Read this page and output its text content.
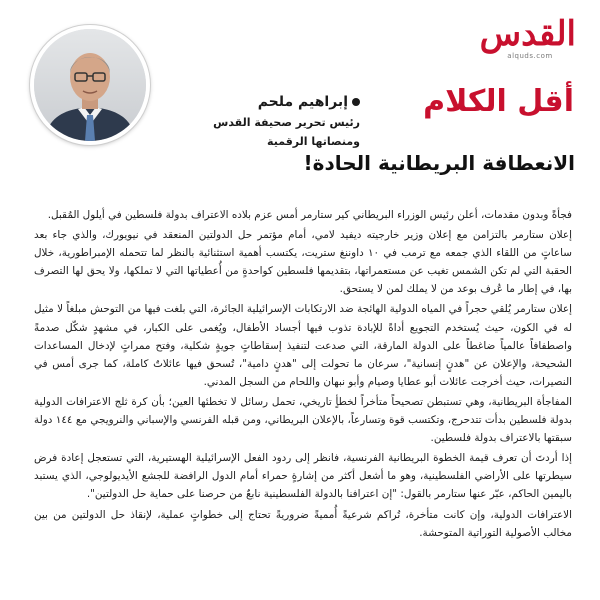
القدس
alquds.com
أقل الكلام
إبراهيم ملحم
رئيس تحرير صحيفة القدس
ومنصاتها الرقمية
الانعطافة البريطانية الحادة!

فجأةً وبدون مقدمات، أعلن رئيس الوزراء البريطاني كير ستارمر أمس عزم بلاده الاعتراف بدولة فلسطين في أيلول المُقبل.

إعلان ستارمر بالتزامن مع إعلان وزير خارجيته ديفيد لامي، أمام مؤتمر حل الدولتين المنعقد في نيويورك، والذي جاء بعد ساعاتٍ من اللقاء الذي جمعه مع ترمب في ١٠ داوننغ ستريت، يكتسب أهمية استثنائية بالنظر لما تتحمله الإمبراطورية، خلال الحقبة التي لم تكن الشمس تغيب عن مستعمراتها، بتقديمها فلسطين كواحدةٍ من أُعطياتها التي لا تملكها، ولا يحق لها التصرف بها، في إطار ما عُرف بوعد من لا يملك لمن لا يستحق.

إعلان ستارمر يُلقي حجراً في المياه الدولية الهائجة ضد الارتكابات الإسرائيلية الجائرة، التي بلغت فيها من التوحش مبلغاً لا مثيل له في الكون، حيث يُستخدم التجويع أداةً للإبادة تذوب فيها أجساد الأطفال، ويُغمى على الكبار، في مشهدٍ شكّل صدمةً واصطفافاً عالمياً ضاغطاً على الدولة المارقة، التي صدعت لتنفيذ إسقاطاتٍ جويةٍ شكلية، وفتح ممراتٍ لإدخال المساعدات الشحيحة، والإعلان عن "هدنٍ إنسانية"، سرعان ما تحولت إلى "هدنٍ دامية"، تُسحق فيها عائلاتٌ كاملة، كما جرى أمس في النصيرات، حيث أخرجت عائلات أبو عطايا وصيام وأبو نبهان واللحام من السجل المدني.

المفاجأة البريطانية، وهي تستبطن تصحيحاً متأخراً لخطأٍ تاريخي، تحمل رسائل لا تخطئها العين؛ بأن كرة ثلج الاعترافات الدولية بدولة فلسطين بدأت تتدحرج، وتكتسب قوة وتسارعاً، بالإعلان البريطاني، ومن قبله الفرنسي والإسباني والنرويجي مع ١٤٤ دولة سبقتها بالاعتراف بدولة فلسطين.

إذا أردتَ أن تعرف قيمة الخطوة البريطانية الفرنسية، فانظر إلى ردود الفعل الإسرائيلية الهستيرية، التي تستعجل إعادة فرض سيطرتها على الأراضي الفلسطينية، وهو ما أشعل أكثر من إشارةٍ حمراء أمام الدول الرافضة للجشع الأيديولوجي، الذي يستبد باليمين الحاكم، عبّر عنها ستارمر بالقول: "إن اعترافنا بالدولة الفلسطينية نابعٌ من حرصنا على حماية حل الدولتين".

الاعترافات الدولية، وإن كانت متأخرة، تُراكم شرعيةً أُمميةً ضروريةً تحتاج إلى خطواتٍ عملية، لإنقاذ حل الدولتين من بين مخالب الأصولية التوراتية المتوحشة.
